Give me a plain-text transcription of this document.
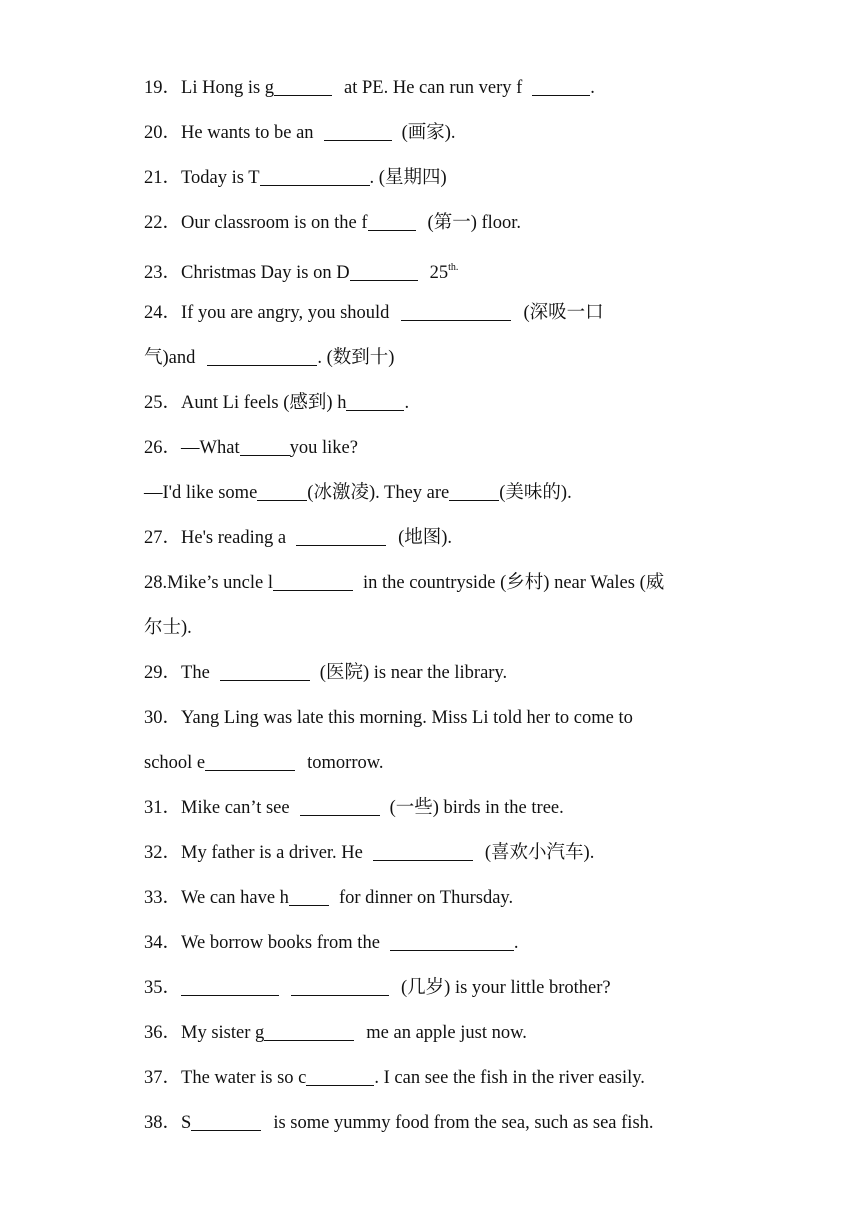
19．Li Hong is g	at PE. He can run very f	.
20．He wants to be an	(画家).
21．Today is T	. (星期四)
22．Our classroom is on the f	(第一) floor.
23．Christmas Day is on D	$25^{th.}$
24．If you are angry, you should	(深吸一口
气)and	. (数到十)
25．Aunt Li feels (感到) h	.
26．—What	you like?
—I'd like some	(冰激凌). They are	(美味的).
27．He's reading a	(地图).
28.Mike’s uncle l	in the countryside (乡村) near Wales (威
尔士).
29．The	(医院) is near the library.
30．Yang Ling was late this morning. Miss Li told her to come to
school e	tomorrow.
31．Mike can’t see	(一些) birds in the tree.
32．My father is a driver. He	(喜欢小汽车).
33．We can have h	for dinner on Thursday.
34．We borrow books from the	.
35．	(几岁) is your little brother?
36．My sister g	me an apple just now.
37．The water is so c	. I can see the fish in the river easily.
38．S	is some yummy food from the sea, such as sea fish.
